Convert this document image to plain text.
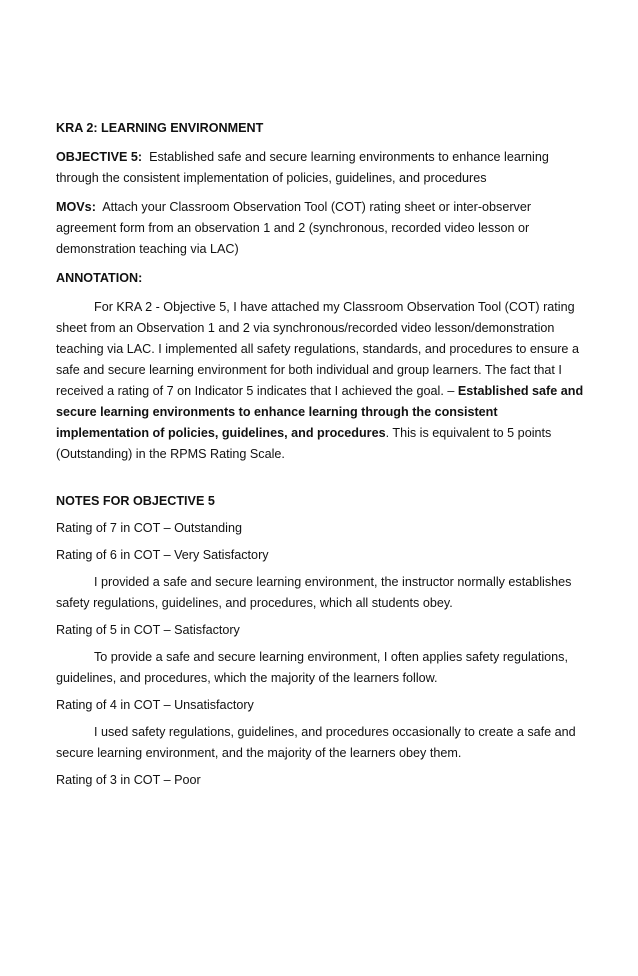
KRA 2: LEARNING ENVIRONMENT

OBJECTIVE 5: Established safe and secure learning environments to enhance learning through the consistent implementation of policies, guidelines, and procedures

MOVs: Attach your Classroom Observation Tool (COT) rating sheet or inter-observer agreement form from an observation 1 and 2 (synchronous, recorded video lesson or demonstration teaching via LAC)

ANNOTATION:

For KRA 2 - Objective 5, I have attached my Classroom Observation Tool (COT) rating sheet from an Observation 1 and 2 via synchronous/recorded video lesson/demonstration teaching via LAC. I implemented all safety regulations, standards, and procedures to ensure a safe and secure learning environment for both individual and group learners. The fact that I received a rating of 7 on Indicator 5 indicates that I achieved the goal. – Established safe and secure learning environments to enhance learning through the consistent implementation of policies, guidelines, and procedures. This is equivalent to 5 points (Outstanding) in the RPMS Rating Scale.

NOTES FOR OBJECTIVE 5

Rating of 7 in COT – Outstanding

Rating of 6 in COT – Very Satisfactory

I provided a safe and secure learning environment, the instructor normally establishes safety regulations, guidelines, and procedures, which all students obey.

Rating of 5 in COT – Satisfactory

To provide a safe and secure learning environment, I often applies safety regulations, guidelines, and procedures, which the majority of the learners follow.

Rating of 4 in COT – Unsatisfactory

I used safety regulations, guidelines, and procedures occasionally to create a safe and secure learning environment, and the majority of the learners obey them.

Rating of 3 in COT – Poor
